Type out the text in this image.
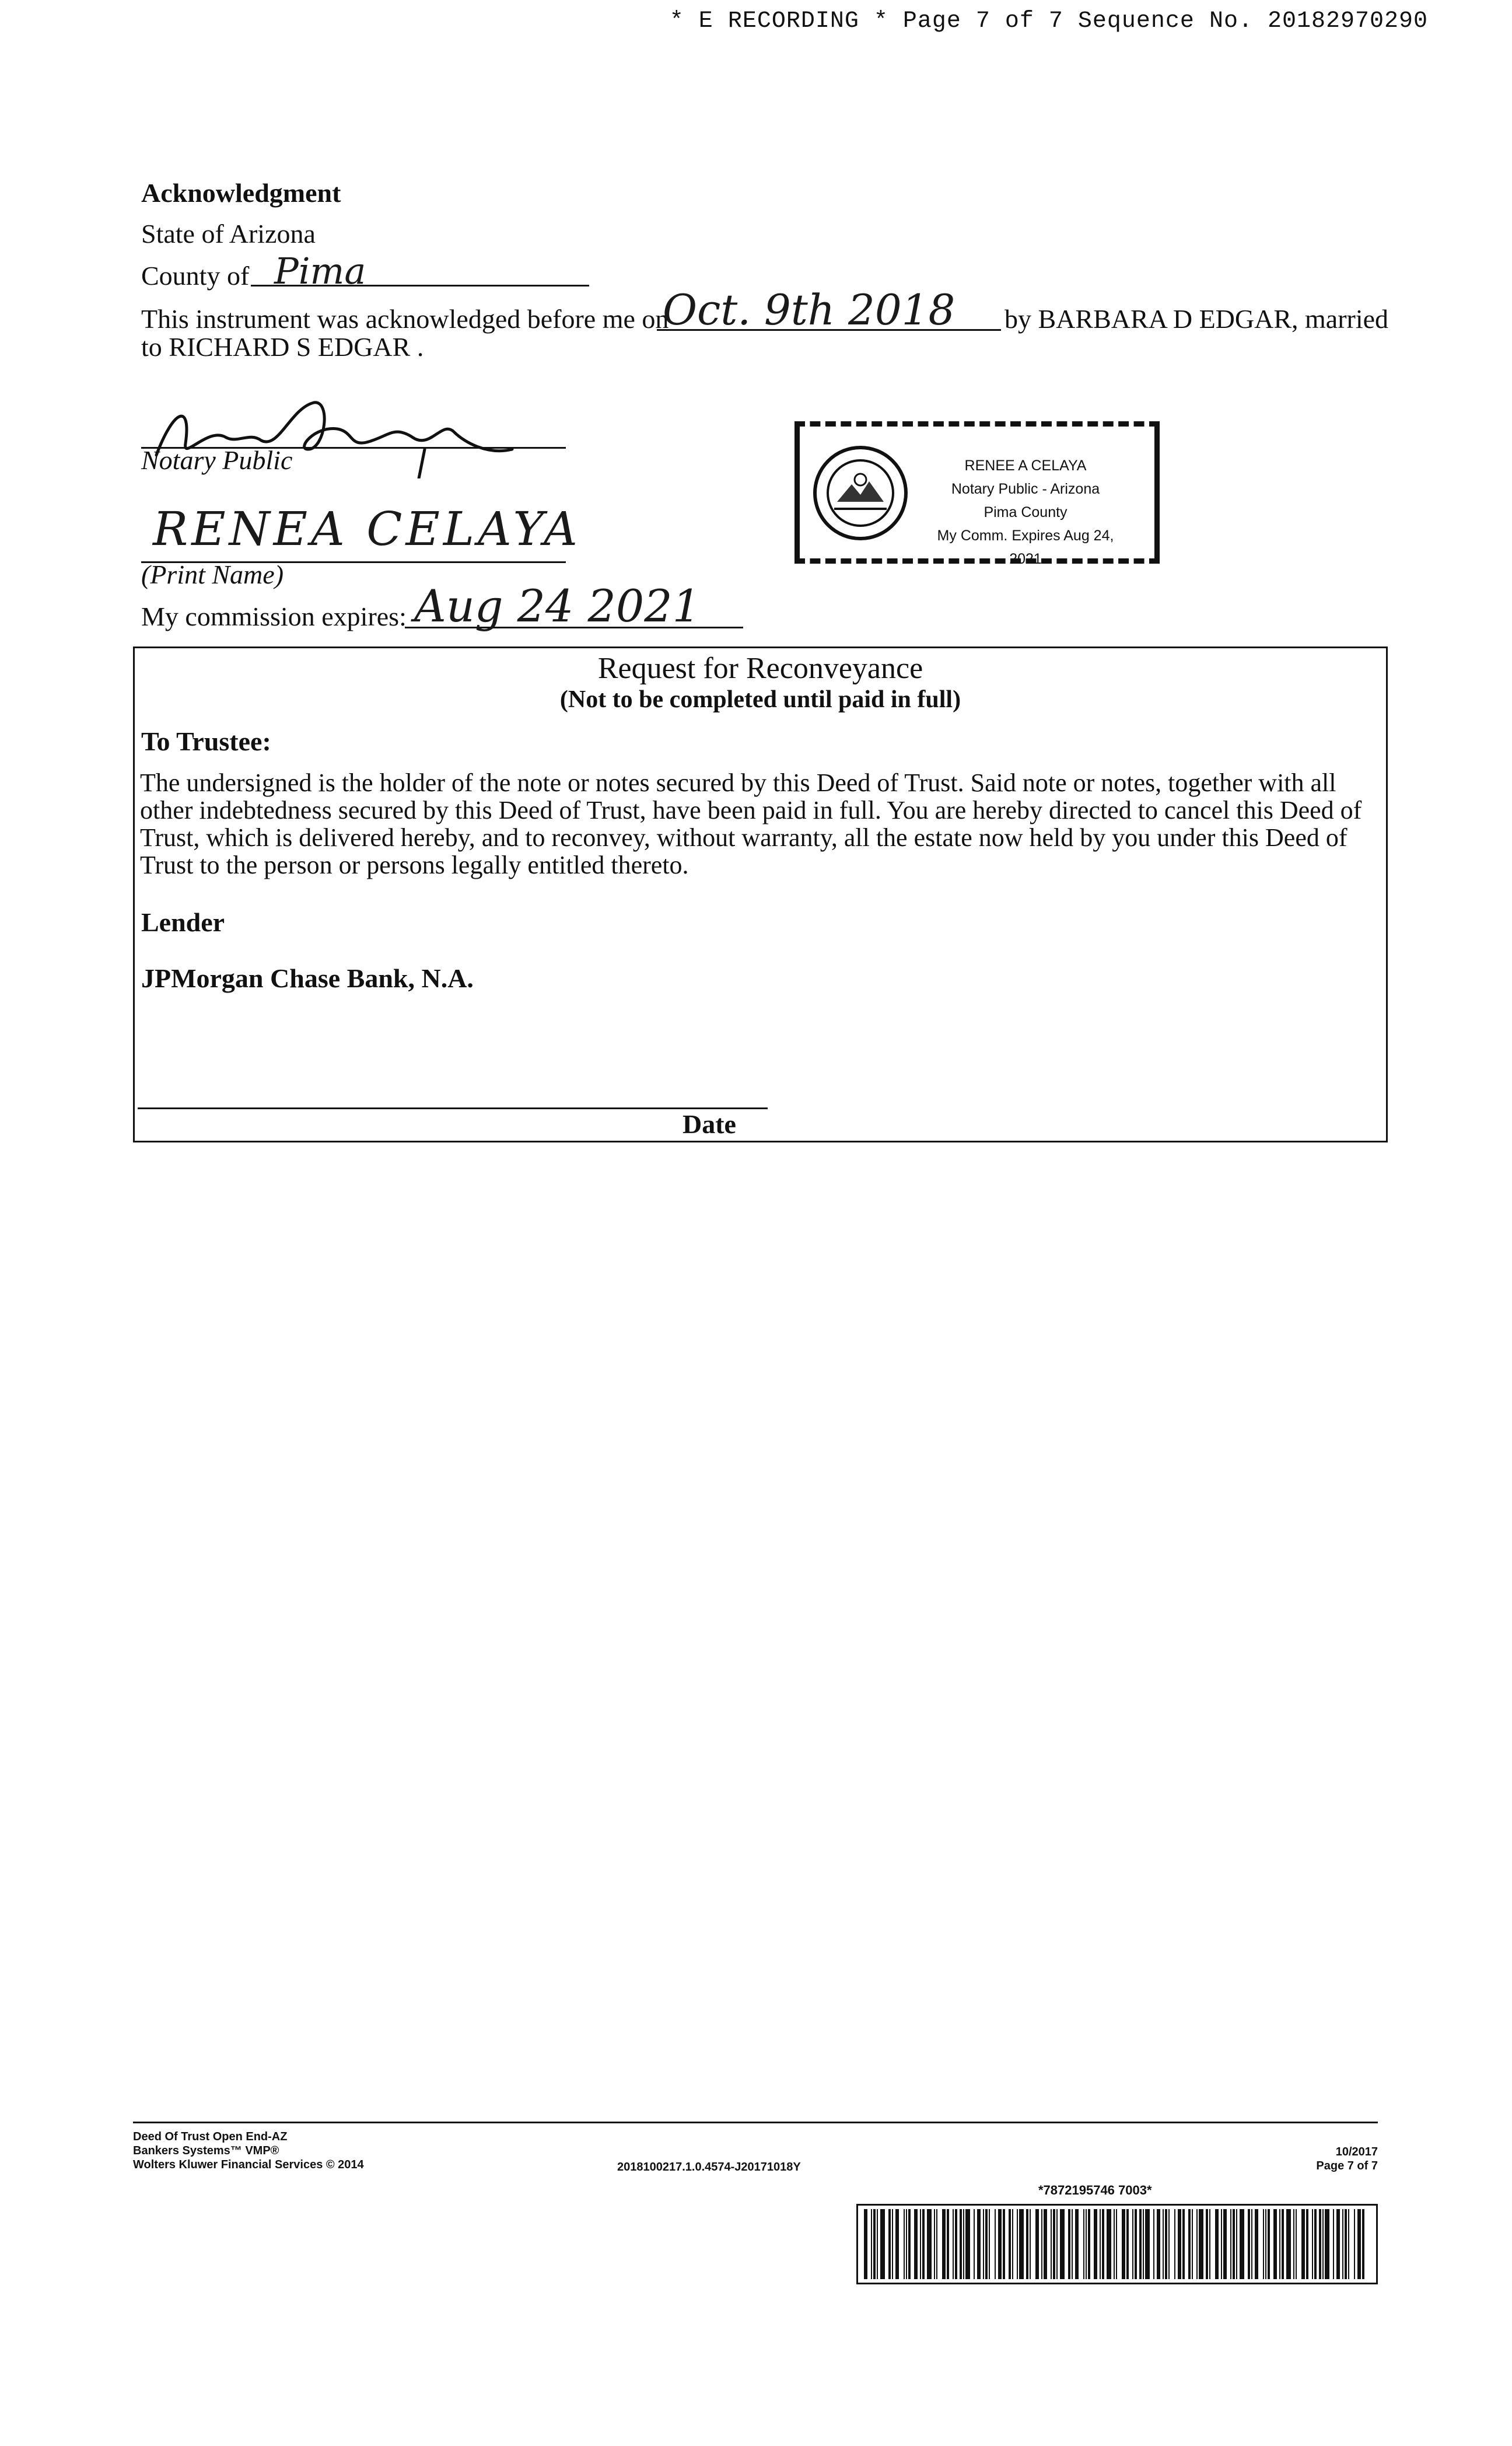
* E RECORDING * Page 7 of 7 Sequence No. 20182970290
Acknowledgment
State of Arizona
County of Pima
This instrument was acknowledged before me on
Oct. 9th 2018 by BARBARA D EDGAR, married
to RICHARD S EDGAR .
Notary Public
RENEA CELAYA
(Print Name)
My commission expires: Aug 24 2021
RENEE A CELAYA
Notary Public - Arizona
Pima County
My Comm. Expires Aug 24, 2021
Request for Reconveyance
(Not to be completed until paid in full)
To Trustee:
The undersigned is the holder of the note or notes secured by this Deed of Trust. Said note or notes, together with all other indebtedness secured by this Deed of Trust, have been paid in full. You are hereby directed to cancel this Deed of Trust, which is delivered hereby, and to reconvey, without warranty, all the estate now held by you under this Deed of Trust to the person or persons legally entitled thereto.
Lender
JPMorgan Chase Bank, N.A.
Date
Deed Of Trust Open End-AZ
Bankers Systems™ VMP®
Wolters Kluwer Financial Services © 2014	2018100217.1.0.4574-J20171018Y
10/2017
Page 7 of 7
*7872195746 7003*
